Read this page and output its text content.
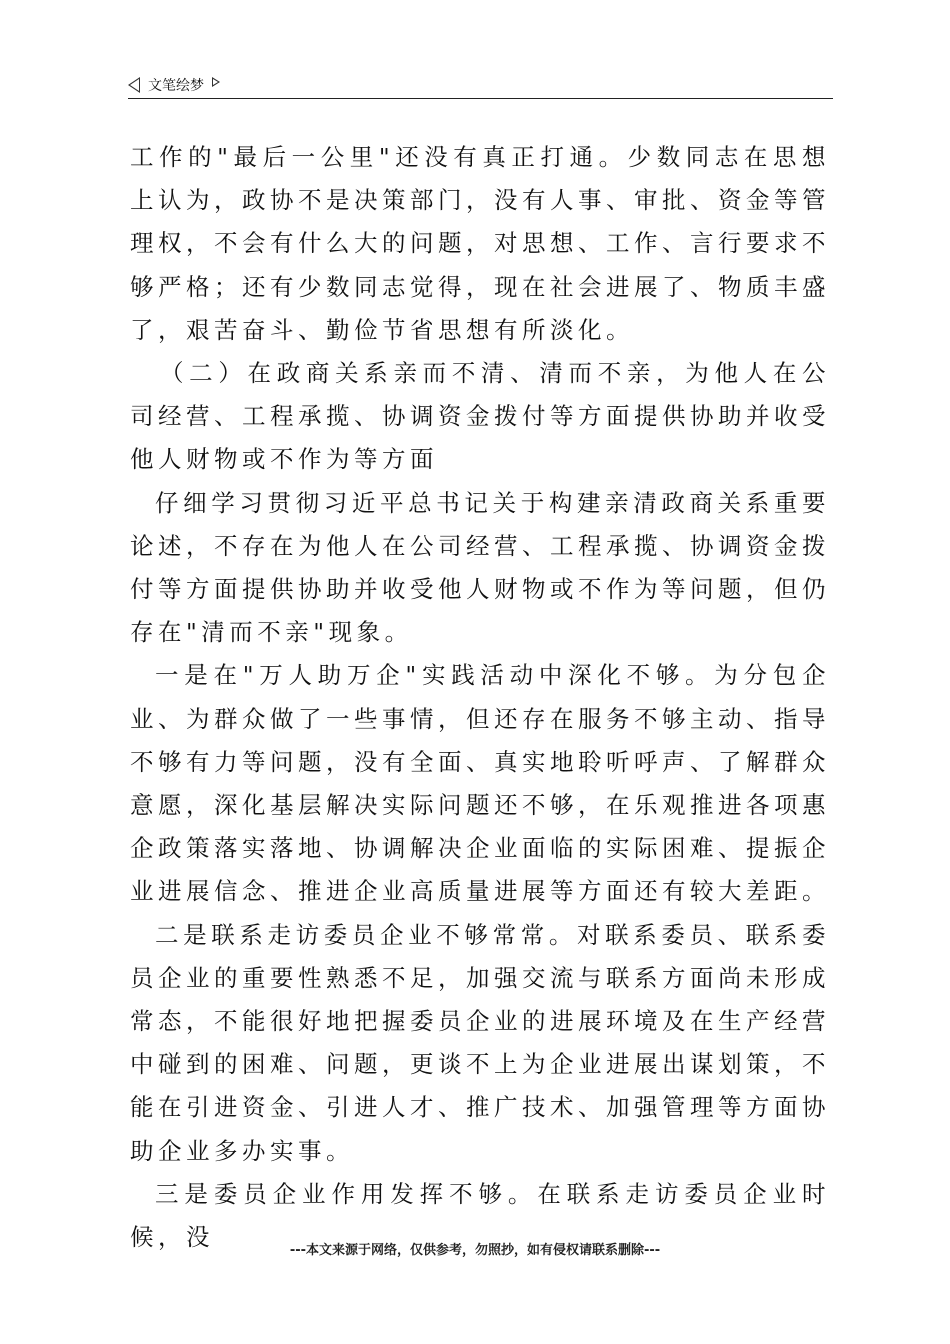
文笔绘梦

工作的"最后一公里"还没有真正打通。少数同志在思想上认为，政协不是决策部门，没有人事、审批、资金等管理权，不会有什么大的问题，对思想、工作、言行要求不够严格；还有少数同志觉得，现在社会进展了、物质丰盛了，艰苦奋斗、勤俭节省思想有所淡化。

（二）在政商关系亲而不清、清而不亲，为他人在公司经营、工程承揽、协调资金拨付等方面提供协助并收受他人财物或不作为等方面

仔细学习贯彻习近平总书记关于构建亲清政商关系重要论述，不存在为他人在公司经营、工程承揽、协调资金拨付等方面提供协助并收受他人财物或不作为等问题，但仍存在"清而不亲"现象。

一是在"万人助万企"实践活动中深化不够。为分包企业、为群众做了一些事情，但还存在服务不够主动、指导不够有力等问题，没有全面、真实地聆听呼声、了解群众意愿，深化基层解决实际问题还不够，在乐观推进各项惠企政策落实落地、协调解决企业面临的实际困难、提振企业进展信念、推进企业高质量进展等方面还有较大差距。

二是联系走访委员企业不够常常。对联系委员、联系委员企业的重要性熟悉不足，加强交流与联系方面尚未形成常态，不能很好地把握委员企业的进展环境及在生产经营中碰到的困难、问题，更谈不上为企业进展出谋划策，不能在引进资金、引进人才、推广技术、加强管理等方面协助企业多办实事。

三是委员企业作用发挥不够。在联系走访委员企业时候，没	---本文来源于网络，仅供参考，勿照抄，如有侵权请联系删除---
